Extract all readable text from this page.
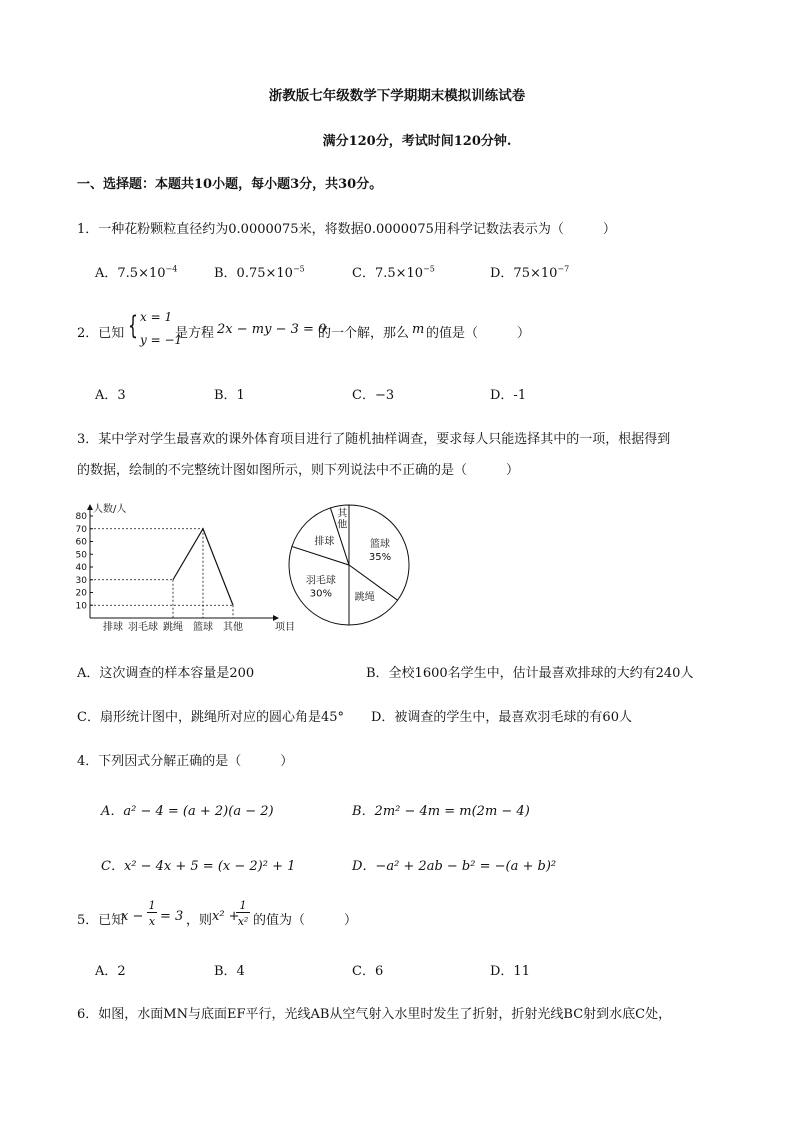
浙教版七年级数学下学期期末模拟训练试卷
满分120分，考试时间120分钟.
一、选择题：本题共10小题，每小题3分，共30分。
1．一种花粉颗粒直径约为0.0000075米，将数据0.0000075用科学记数法表示为（　　　）
A．$7.5\times 10^{-4}$	B．$0.75\times 10^{-5}$	C．$7.5\times 10^{-5}$	D．$75\times 10^{-7}$
2．已知 { x = 1
y = −1
是方程 2x − my − 3 = 0
的一个解，那么 m 的值是（　　　）
A．3	B．1	C．−3	D．-1
3．某中学对学生最喜欢的课外体育项目进行了随机抽样调查，要求每人只能选择其中的一项，根据得到
的数据，绘制的不完整统计图如图所示，则下列说法中不正确的是（　　　）
人数/人
10
20
30
40
50
60
70
80
排球 羽毛球 跳绳 篮球 其他	项目
篮球
35%
跳绳
羽毛球
30%
排球
其
他
A．这次调查的样本容量是200	B．全校1600名学生中，估计最喜欢排球的大约有240人
C．扇形统计图中，跳绳所对应的圆心角是45° D．被调查的学生中，最喜欢羽毛球的有60人
4．下列因式分解正确的是（　　　）
A．a² − 4 = (a + 2)(a − 2)	B．2m² − 4m = m(2m − 4)
C．x² − 4x + 5 = (x − 2)² + 1	D．−a² + 2ab − b² = −(a + b)²
5．已知
x −
1
x = 3 ，则 x² +
1
x² 的值为（　　　）
A．2	B．4	C．6	D．11
6．如图，水面MN与底面EF平行，光线AB从空气射入水里时发生了折射，折射光线BC射到水底C处，
